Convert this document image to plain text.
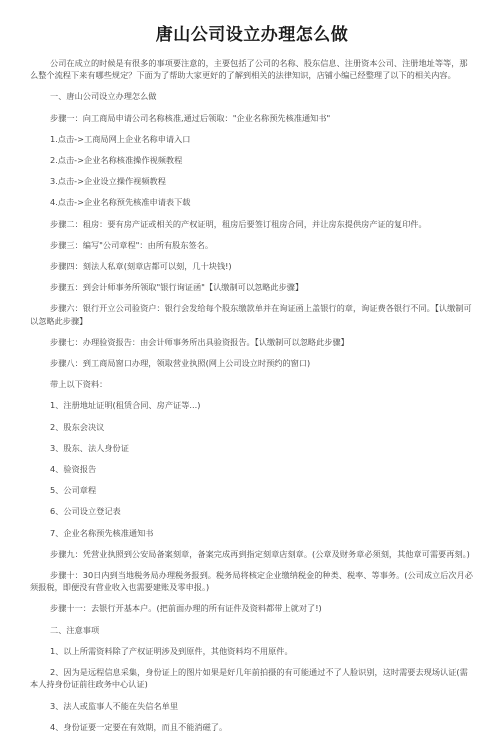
唐山公司设立办理怎么做

公司在成立的时候是有很多的事项要注意的，主要包括了公司的名称、股东信息、注册资本公司、注册地址等等，那么整个流程下来有哪些规定？下面为了帮助大家更好的了解到相关的法律知识，店铺小编已经整理了以下的相关内容。

一、唐山公司设立办理怎么做

步骤一：向工商局申请公司名称核准,通过后领取："企业名称预先核准通知书"

1.点击->工商局网上企业名称申请入口

2.点击->企业名称核准操作视频教程

3.点击->企业设立操作视频教程

4.点击->企业名称预先核准申请表下载

步骤二：租房：要有房产证或相关的产权证明，租房后要签订租房合同，并让房东提供房产证的复印件。

步骤三：编写"公司章程"：由所有股东签名。

步骤四：刻法人私章(刻章店都可以刻，几十块钱!)

步骤五：到会计师事务所领取"银行询证函"【认缴制可以忽略此步骤】

步骤六：银行开立公司验资户：银行会发给每个股东缴款单并在询证函上盖银行的章，询证费各银行不同。【认缴制可以忽略此步骤】

步骤七：办理验资报告：由会计师事务所出具验资报告。【认缴制可以忽略此步骤】

步骤八：到工商局窗口办理，领取营业执照(网上公司设立时预约的窗口)

带上以下资料：

1、注册地址证明(租赁合同、房产证等...)

2、股东会决议

3、股东、法人身份证

4、验资报告

5、公司章程

6、公司设立登记表

7、企业名称预先核准通知书

步骤九：凭营业执照到公安局备案刻章，备案完成再到指定刻章店刻章。(公章及财务章必须刻，其他章可需要再刻。)

步骤十：30日内到当地税务局办理税务报到。税务局将核定企业缴纳税金的种类、税率、等事务。(公司成立后次月必须报税，即便没有营业收入也需要建账及零申报。)

步骤十一：去银行开基本户。(把前面办理的所有证件及资料都带上就对了!)

二、注意事项

1、以上所需资料除了产权证明涉及到原件，其他资料均不用原件。

2、因为是远程信息采集，身份证上的图片如果是好几年前拍摄的有可能通过不了人脸识别，这时需要去现场认证(需本人持身份证前往政务中心认证)

3、法人或监事人不能在失信名单里

4、身份证要一定要在有效期，而且不能消磁了。
